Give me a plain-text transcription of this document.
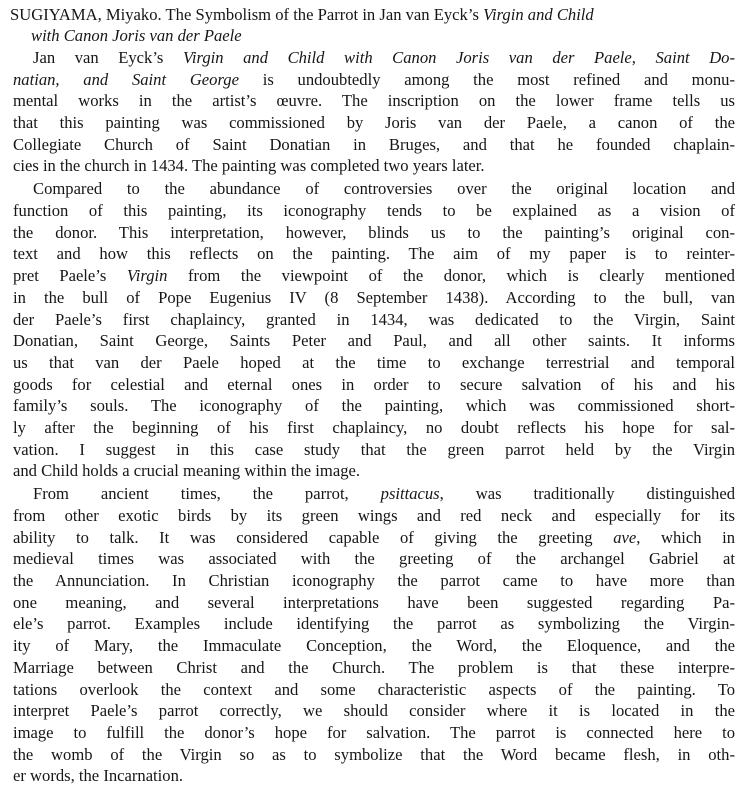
SUGIYAMA, Miyako. The Symbolism of the Parrot in Jan van Eyck’s Virgin and Child
with Canon Joris van der Paele
Jan van Eyck’s Virgin and Child with Canon Joris van der Paele, Saint Do-
natian, and Saint George is undoubtedly among the most refined and monu-
mental works in the artist’s œuvre. The inscription on the lower frame tells us
that this painting was commissioned by Joris van der Paele, a canon of the
Collegiate Church of Saint Donatian in Bruges, and that he founded chaplain-
cies in the church in 1434. The painting was completed two years later.
Compared to the abundance of controversies over the original location and
function of this painting, its iconography tends to be explained as a vision of
the donor. This interpretation, however, blinds us to the painting’s original con-
text and how this reflects on the painting. The aim of my paper is to reinter-
pret Paele’s Virgin from the viewpoint of the donor, which is clearly mentioned
in the bull of Pope Eugenius IV (8 September 1438). According to the bull, van
der Paele’s first chaplaincy, granted in 1434, was dedicated to the Virgin, Saint
Donatian, Saint George, Saints Peter and Paul, and all other saints. It informs
us that van der Paele hoped at the time to exchange terrestrial and temporal
goods for celestial and eternal ones in order to secure salvation of his and his
family’s souls. The iconography of the painting, which was commissioned short-
ly after the beginning of his first chaplaincy, no doubt reflects his hope for sal-
vation. I suggest in this case study that the green parrot held by the Virgin
and Child holds a crucial meaning within the image.
From ancient times, the parrot, psittacus, was traditionally distinguished
from other exotic birds by its green wings and red neck and especially for its
ability to talk. It was considered capable of giving the greeting ave, which in
medieval times was associated with the greeting of the archangel Gabriel at
the Annunciation. In Christian iconography the parrot came to have more than
one meaning, and several interpretations have been suggested regarding Pa-
ele’s parrot. Examples include identifying the parrot as symbolizing the Virgin-
ity of Mary, the Immaculate Conception, the Word, the Eloquence, and the
Marriage between Christ and the Church. The problem is that these interpre-
tations overlook the context and some characteristic aspects of the painting. To
interpret Paele’s parrot correctly, we should consider where it is located in the
image to fulfill the donor’s hope for salvation. The parrot is connected here to
the womb of the Virgin so as to symbolize that the Word became flesh, in oth-
er words, the Incarnation.
